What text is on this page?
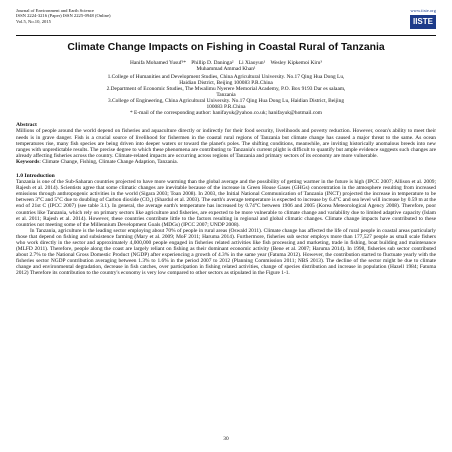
Journal of Environment and Earth Science
ISSN 2224-3216 (Paper) ISSN 2225-0948 (Online)
Vol.5, No.10, 2015
www.iiste.org
IISTE
Climate Change Impacts on Fishing in Coastal Rural of Tanzania
Hanifa Mohamed Yusuf¹*    Phillip D. Daninga²    Li Xiaoyun¹    Wesley Kipkemoi Kiru³
Muhammad Ammad Khan¹
1.College of Humanities and Development Studies, China Agricultural University. No.17 Qing Hua Dong Lu,
Haidian District, Beijing 100083 P.R.China
2.Department of Economic Studies, The Mwalimu Nyerere Memorial Academy, P.O. Box 9193 Dar es salaam,
Tanzania
3.College of Engineering, China Agricultural University. No.17 Qing Hua Dong Lu, Haidian District, Beijing
100083 P.R.China
* E-mail of the corresponding author: hanifayuk@yahoo.co.uk; hanifayuk@hotmail.com
Abstract

Millions of people around the world depend on fisheries and aquaculture directly or indirectly for their food security, livelihoods and poverty reduction. However, ocean's ability to meet their needs is in grave danger. Fish is a crucial source of livelihood for fishermen in the coastal rural regions of Tanzania but climate change has caused a major threat to the same. As ocean temperatures rise, many fish species are being driven into deeper waters or toward the planet's poles. The shifting conditions, meanwhile, are inviting historically anomalous breeds into new ranges with unpredictable results. The precise degree to which these phenomena are contributing to Tanzania's current plight is difficult to quantify but ample evidence suggests such changes are already affecting fisheries across the country. Climate-related impacts are occurring across regions of Tanzania and primary sectors of its economy are more vulnerable.

Keywords: Climate Change, Fishing, Climate Change Adaption, Tanzania.
1.0 Introduction

Tanzania is one of the Sub-Saharan countries projected to have more warming than the global average and the possibility of getting warmer in the future is high (IPCC 2007; Allison et al. 2009; Rajesh et al. 2014). Scientists agree that some climatic changes are inevitable because of the increase in Green House Gases (GHGs) concentration in the atmosphere resulting from increased emissions through anthropogenic activities in the world (Sigara 2003; Toan 2008). In 2003, the Initial National Communication of Tanzania (INCT) projected the increase in temperature to be between 3°C and 5°C due to doubling of Carbon dioxide (CO₂) (Shardul et al. 2003). The earth's average temperature is expected to increase by 6.4°C and sea level will increase by 0.59 m at the end of 21st C (IPCC 2007) (see table 3.1). In general, the average earth's temperature has increased by 0.74°C between 1906 and 2005 (Korea Meteorological Agency 2008). Therefore, poor countries like Tanzania, which rely on primary sectors like agriculture and fisheries, are expected to be more vulnerable to climate change and variability due to limited adaptive capacity (Islam et al. 2011; Rajesh et al. 2014). However, these countries contribute little to the factors resulting in regional and global climatic changes. Climate change impacts have contributed to these countries not meeting some of the Millennium Development Goals (MDGs) (IPCC 2007; UNDP 2008).

In Tanzania, agriculture is the leading sector employing about 70% of people in rural areas (Oswald 2011). Climate change has affected the life of rural people in coastal areas particularly those that depend on fishing and subsistence farming (Mary et al. 2009; MoF 2011; Haruma 2014). Furthermore, fisheries sub sector employs more than 177,527 people as small scale fishers who work directly in the sector and approximately 4,000,000 people engaged in fisheries related activities like fish processing and marketing, trade in fishing, boat building and maintenance (MLFD 2011). Therefore, people along the coast are largely reliant on fishing as their dominant economic activity (Bene et al. 2007; Haruma 2014). In 1998, fisheries sub sector contributed about 2.7% to the National Gross Domestic Product (NGDP) after experiencing a growth of 4.3% in the same year (Fatuma 2012). However, the contribution started to fluctuate yearly with the fisheries sector NGDP contribution averaging between 1.3% to 1.6% in the period 2007 to 2012 (Planning Commission 2011; NBS 2013). The decline of the sector might be due to climate change and environmental degradation, decrease in fish catches, over participation in fishing related activities, change of species distribution and increase in population (Hazell 1984; Fatuma 2012) Therefore its contribution to the country's economy is very low compared to other sectors as stipulated in the Figure 1-1.

30
